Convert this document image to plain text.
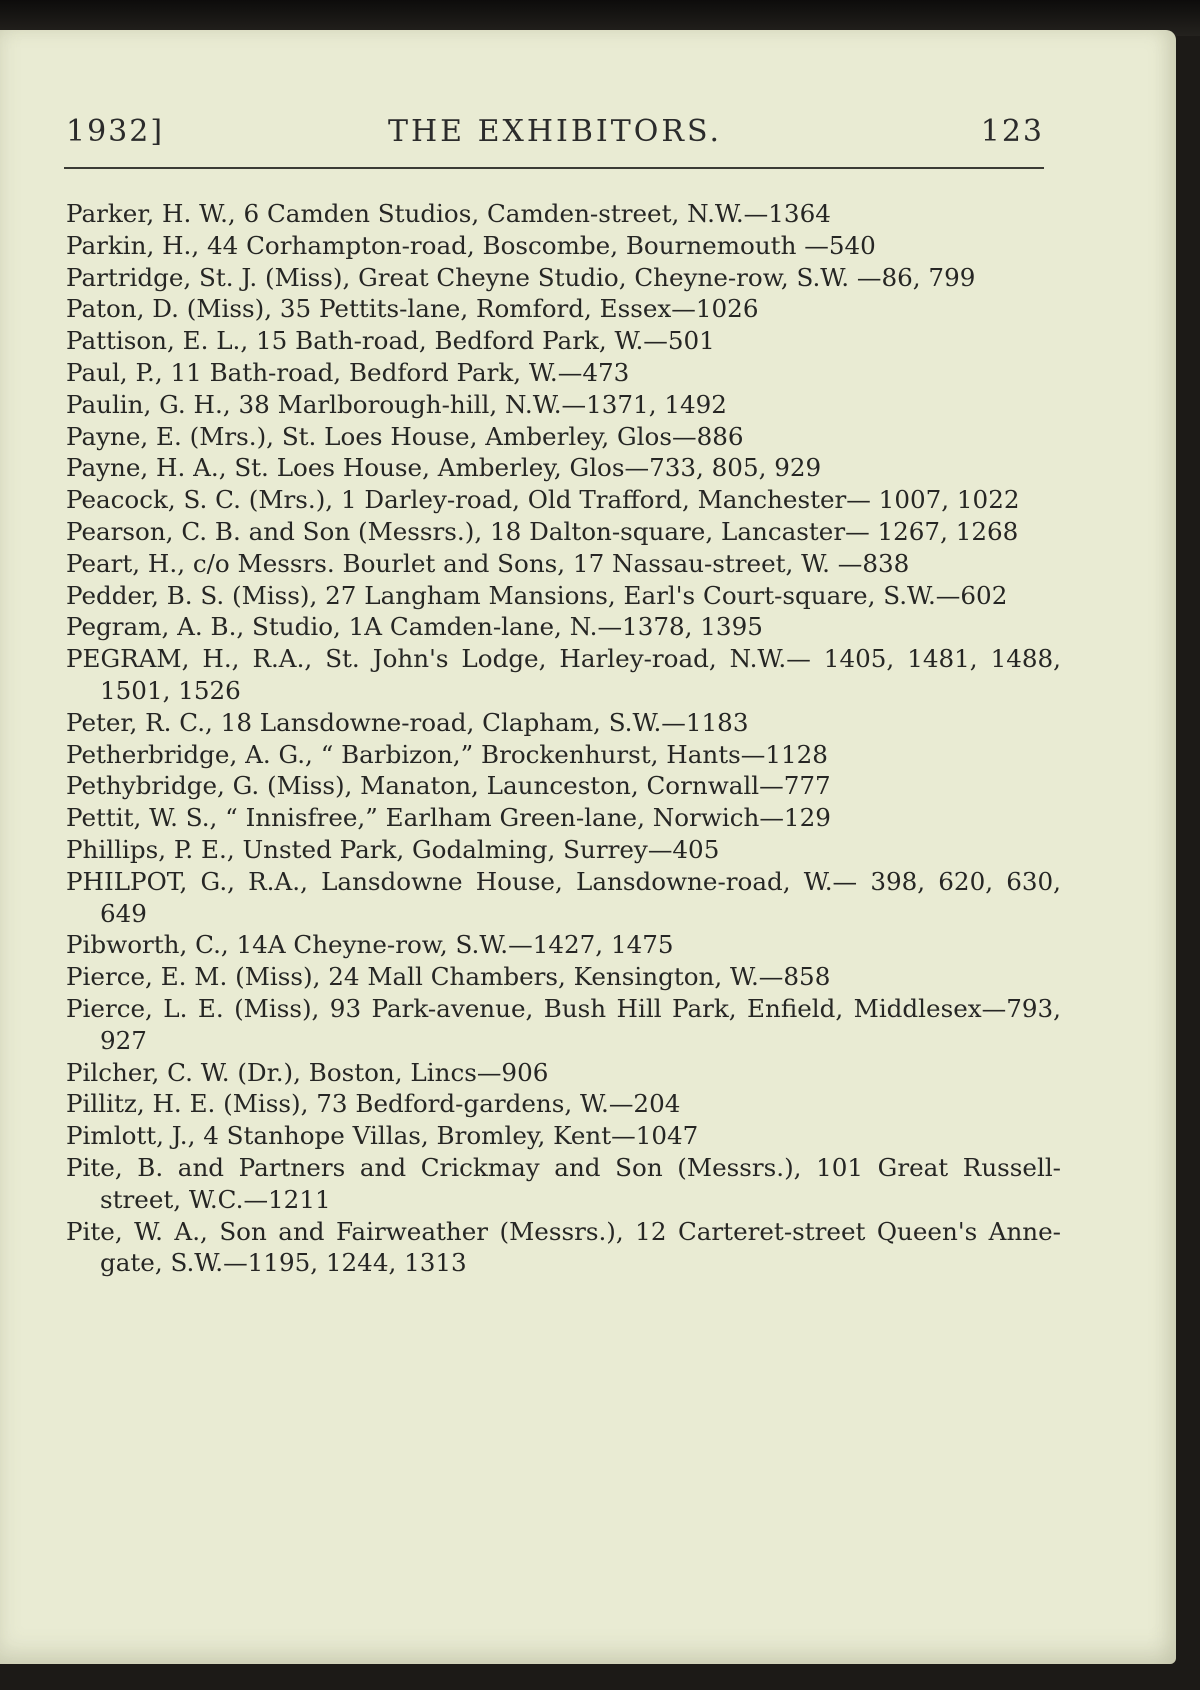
1932]	THE EXHIBITORS.	123

Parker, H. W., 6 Camden Studios, Camden-street, N.W.—1364

Parkin, H., 44 Corhampton-road, Boscombe, Bournemouth —540

Partridge, St. J. (Miss), Great Cheyne Studio, Cheyne-row, S.W. —86, 799

Paton, D. (Miss), 35 Pettits-lane, Romford, Essex—1026

Pattison, E. L., 15 Bath-road, Bedford Park, W.—501

Paul, P., 11 Bath-road, Bedford Park, W.—473

Paulin, G. H., 38 Marlborough-hill, N.W.—1371, 1492

Payne, E. (Mrs.), St. Loes House, Amberley, Glos—886

Payne, H. A., St. Loes House, Amberley, Glos—733, 805, 929

Peacock, S. C. (Mrs.), 1 Darley-road, Old Trafford, Manchester— 1007, 1022

Pearson, C. B. and Son (Messrs.), 18 Dalton-square, Lancaster— 1267, 1268

Peart, H., c/o Messrs. Bourlet and Sons, 17 Nassau-street, W. —838

Pedder, B. S. (Miss), 27 Langham Mansions, Earl's Court-square, S.W.—602

Pegram, A. B., Studio, 1A Camden-lane, N.—1378, 1395

PEGRAM, H., R.A., St. John's Lodge, Harley-road, N.W.— 1405, 1481, 1488, 1501, 1526

Peter, R. C., 18 Lansdowne-road, Clapham, S.W.—1183

Petherbridge, A. G., “ Barbizon,” Brockenhurst, Hants—1128

Pethybridge, G. (Miss), Manaton, Launceston, Cornwall—777

Pettit, W. S., “ Innisfree,” Earlham Green-lane, Norwich—129

Phillips, P. E., Unsted Park, Godalming, Surrey—405

PHILPOT, G., R.A., Lansdowne House, Lansdowne-road, W.— 398, 620, 630, 649

Pibworth, C., 14A Cheyne-row, S.W.—1427, 1475

Pierce, E. M. (Miss), 24 Mall Chambers, Kensington, W.—858

Pierce, L. E. (Miss), 93 Park-avenue, Bush Hill Park, Enfield, Middlesex—793, 927

Pilcher, C. W. (Dr.), Boston, Lincs—906

Pillitz, H. E. (Miss), 73 Bedford-gardens, W.—204

Pimlott, J., 4 Stanhope Villas, Bromley, Kent—1047

Pite, B. and Partners and Crickmay and Son (Messrs.), 101 Great Russell-street, W.C.—1211

Pite, W. A., Son and Fairweather (Messrs.), 12 Carteret-street Queen's Anne-gate, S.W.—1195, 1244, 1313
